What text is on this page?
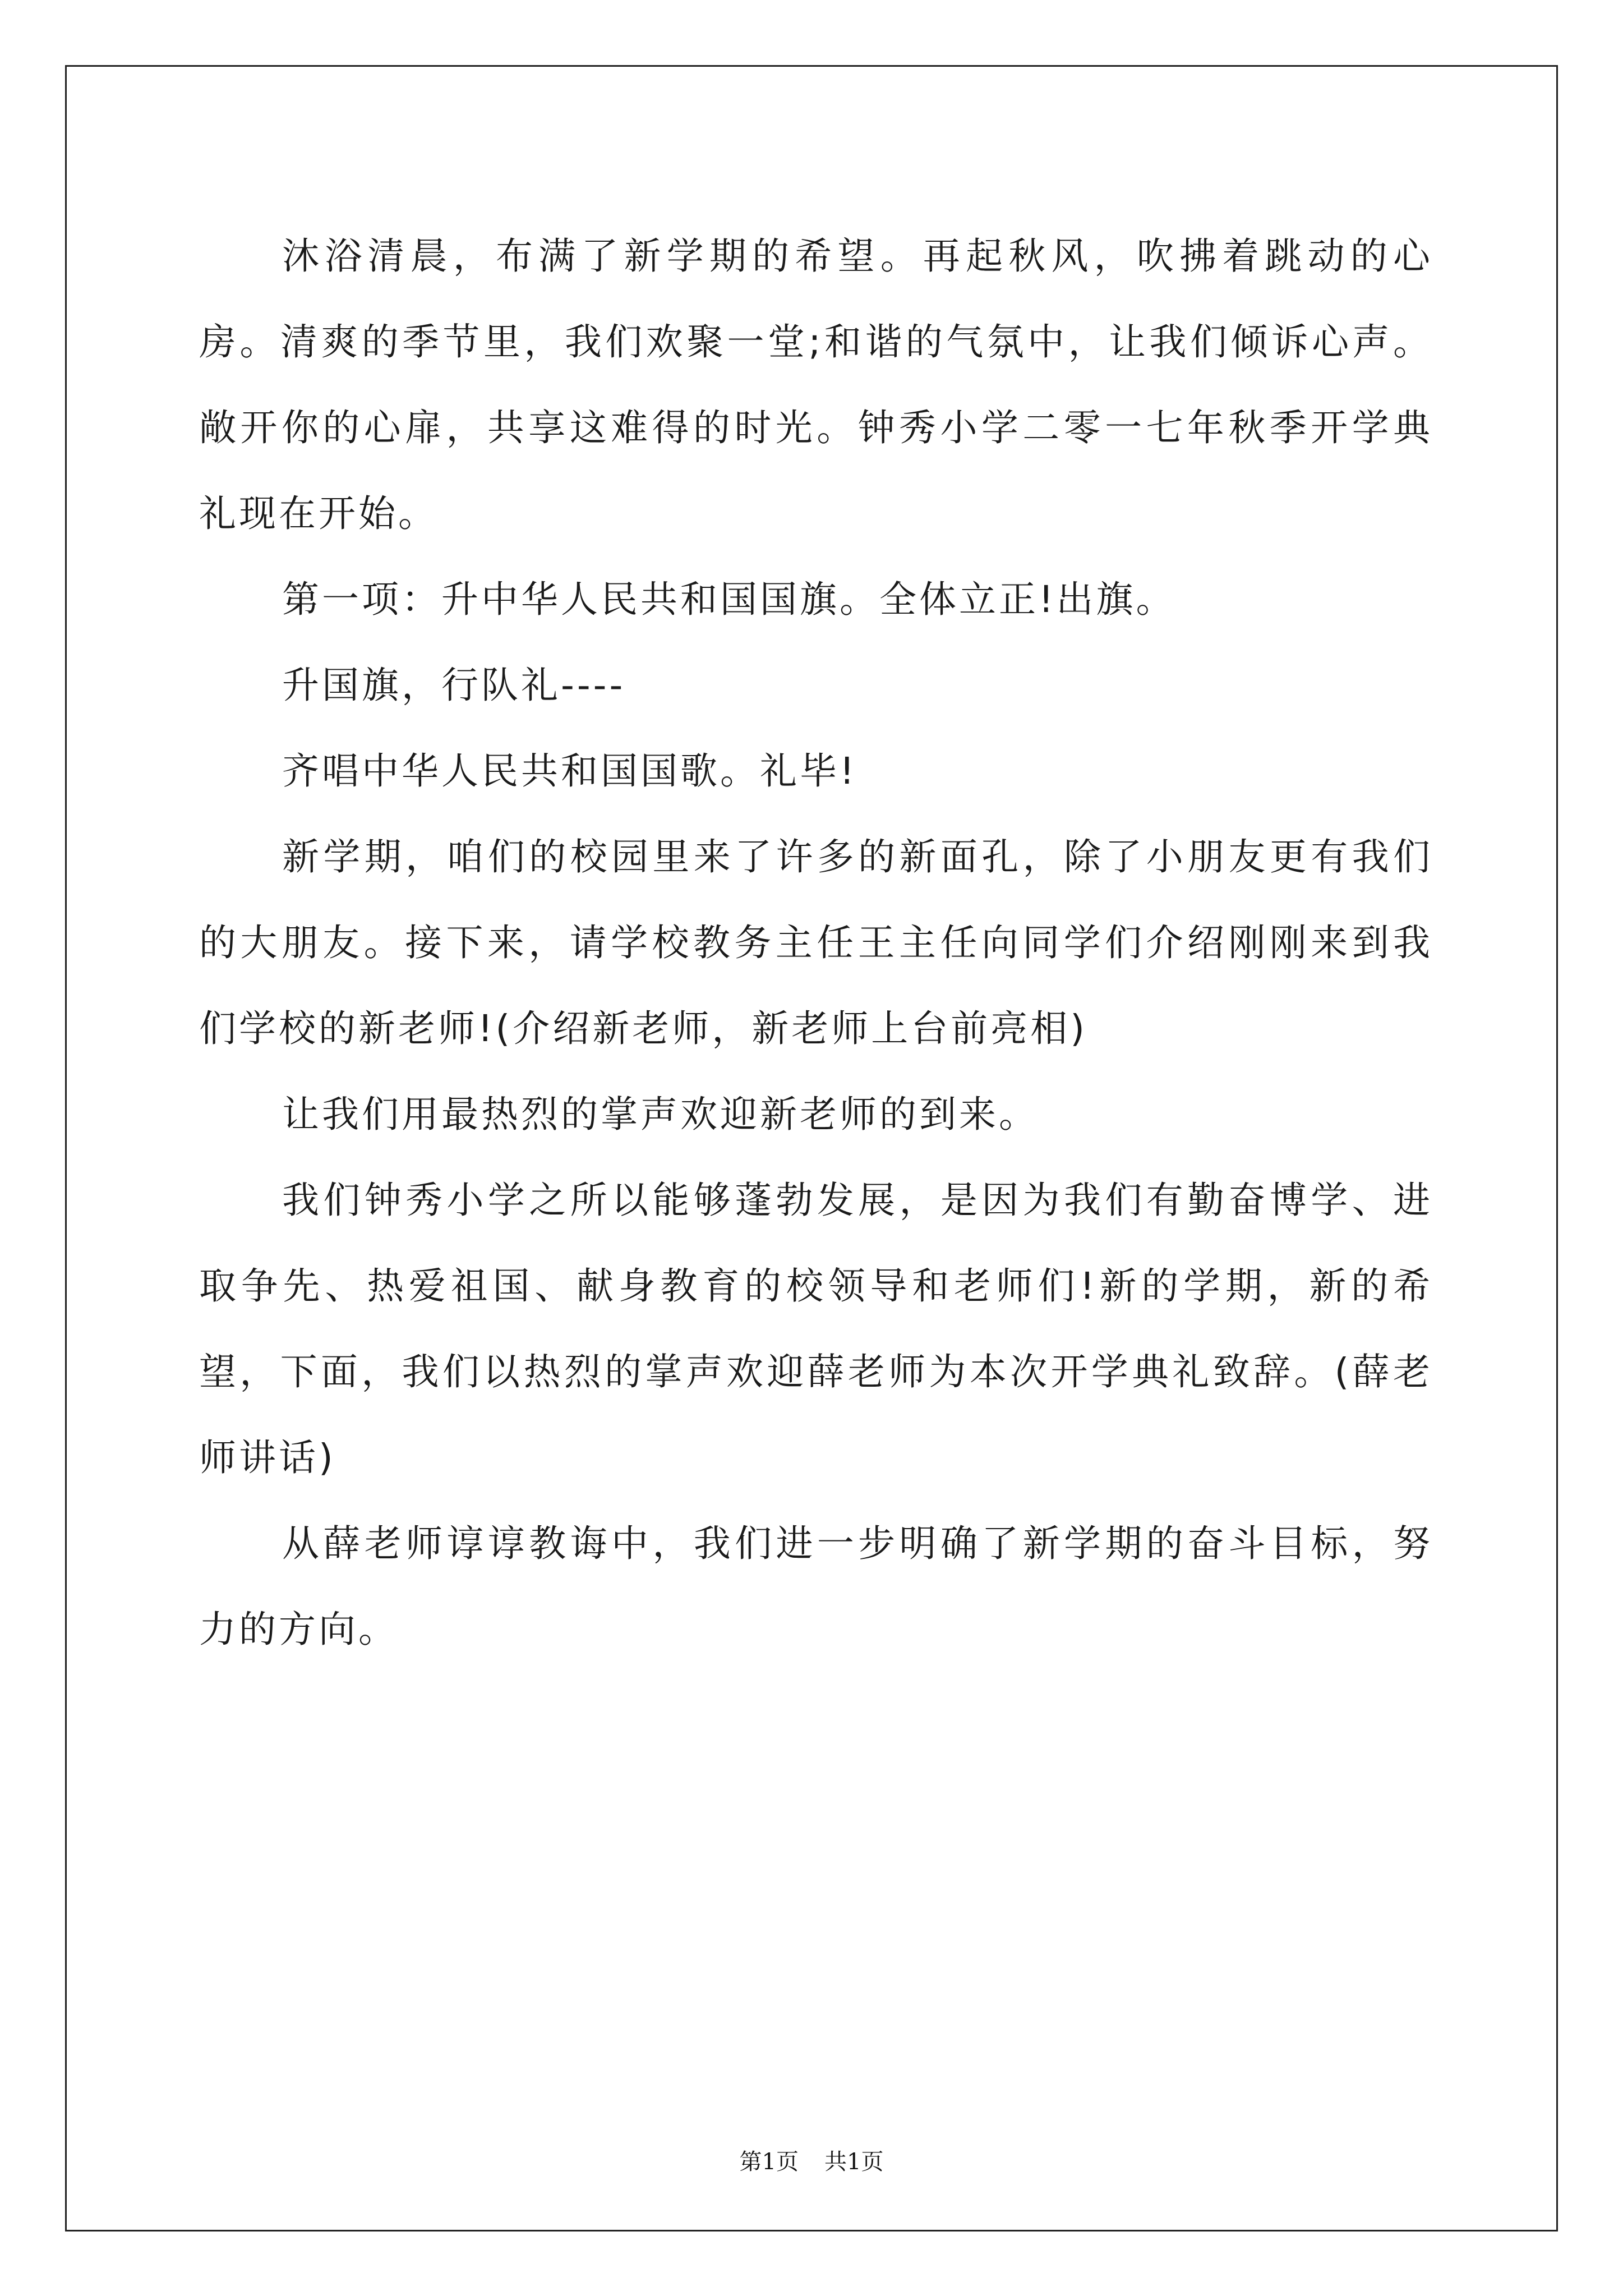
沐浴清晨，布满了新学期的希望。再起秋风，吹拂着跳动的心房。清爽的季节里，我们欢聚一堂;和谐的气氛中，让我们倾诉心声。敞开你的心扉，共享这难得的时光。钟秀小学二零一七年秋季开学典礼现在开始。

第一项：升中华人民共和国国旗。全体立正!出旗。

升国旗，行队礼----

齐唱中华人民共和国国歌。礼毕!

新学期，咱们的校园里来了许多的新面孔，除了小朋友更有我们的大朋友。接下来，请学校教务主任王主任向同学们介绍刚刚来到我们学校的新老师!(介绍新老师，新老师上台前亮相)

让我们用最热烈的掌声欢迎新老师的到来。

我们钟秀小学之所以能够蓬勃发展，是因为我们有勤奋博学、进取争先、热爱祖国、献身教育的校领导和老师们!新的学期，新的希望，下面，我们以热烈的掌声欢迎薛老师为本次开学典礼致辞。(薛老师讲话)

从薛老师谆谆教诲中，我们进一步明确了新学期的奋斗目标，努力的方向。

第1页 共1页
